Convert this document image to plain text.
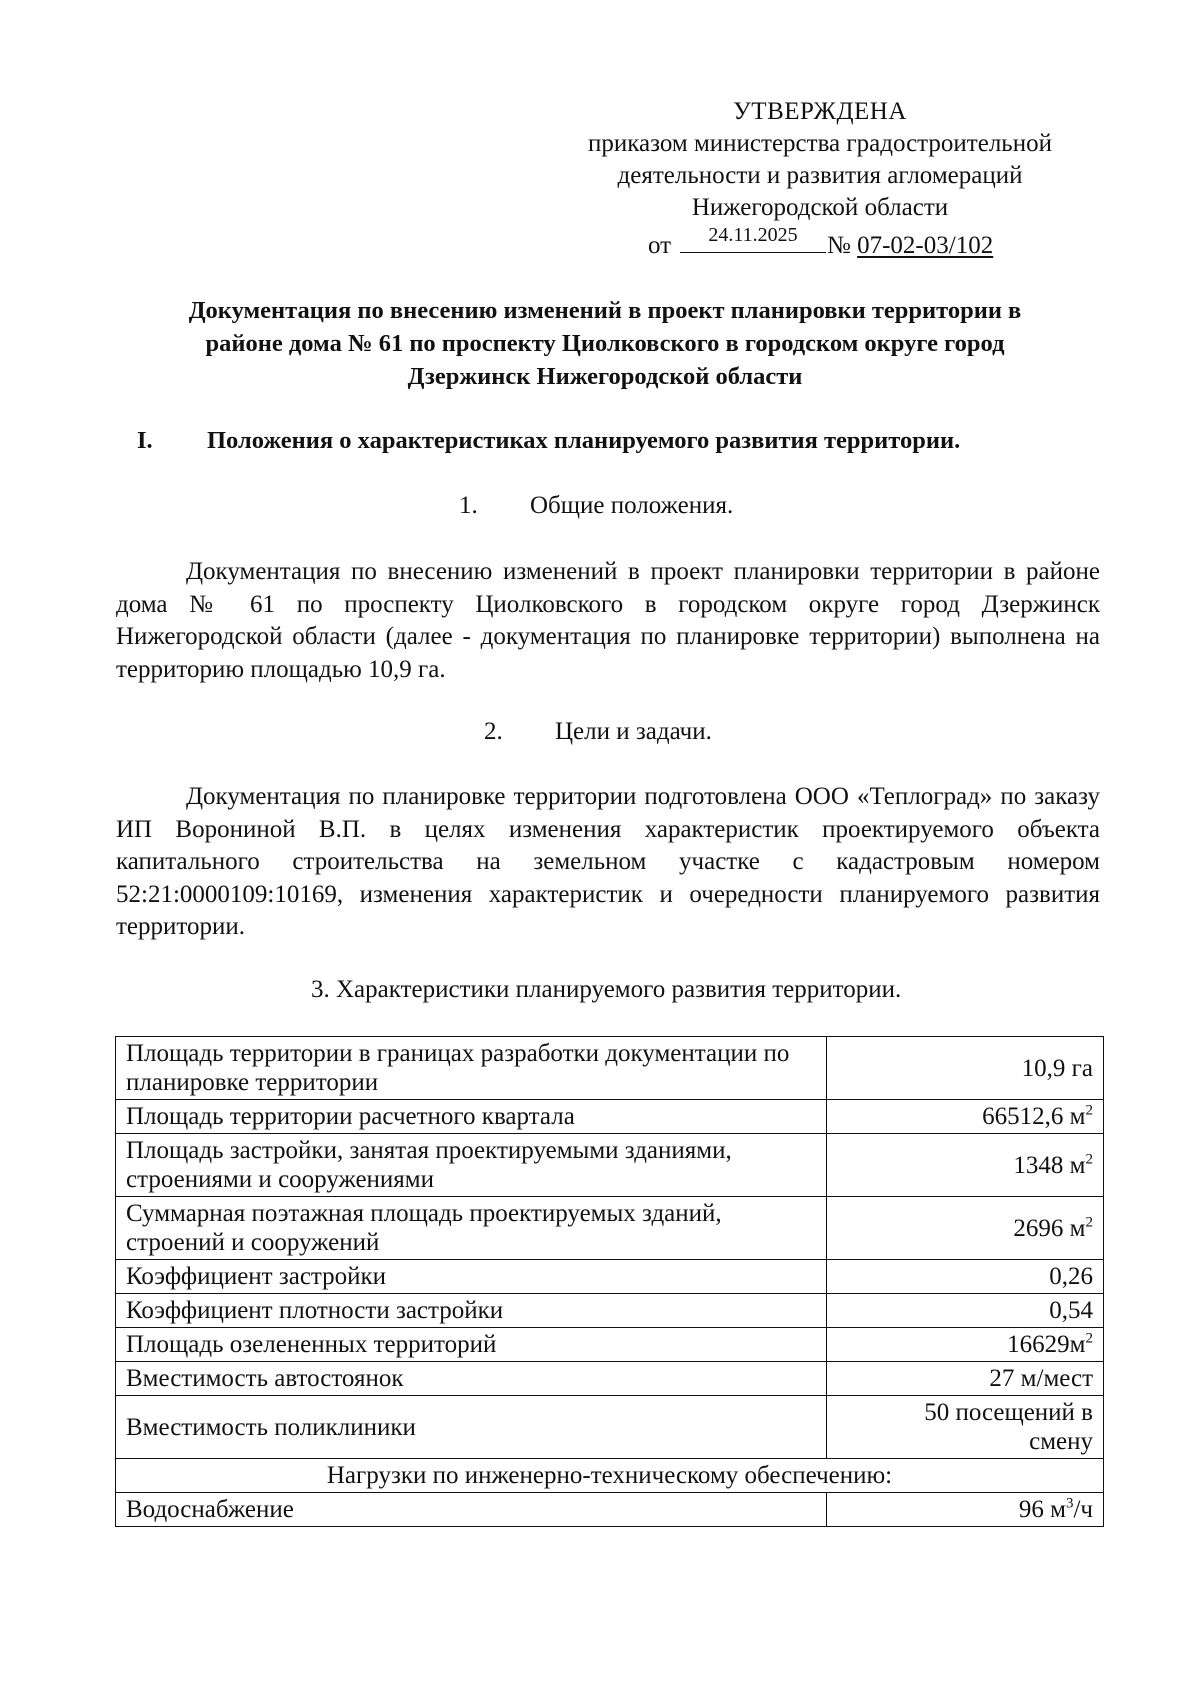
УТВЕРЖДЕНА
приказом министерства градостроительной
деятельности и развития агломераций
Нижегородской области
от	24.11.2025	№ 07-02-03/102
Документация по внесению изменений в проект планировки территории в
районе дома № 61 по проспекту Циолковского в городском округе город
Дзержинск Нижегородской области
I. Положения о характеристиках планируемого развития территории.
1. Общие положения.
Документация по внесению изменений в проект планировки территории в районе дома № 61 по проспекту Циолковского в городском округе город Дзержинск Нижегородской области (далее - документация по планировке территории) выполнена на территорию площадью 10,9 га.
2. Цели и задачи.
Документация по планировке территории подготовлена ООО «Теплоград» по заказу ИП Ворониной В.П. в целях изменения характеристик проектируемого объекта капитального строительства на земельном участке с кадастровым номером 52:21:0000109:10169, изменения характеристик и очередности планируемого развития территории.
3. Характеристики планируемого развития территории.
Площадь территории в границах разработки документации по планировке территории	10,9 га
Площадь территории расчетного квартала	66512,6 $м^2$
Площадь застройки, занятая проектируемыми зданиями, строениями и сооружениями	1348 $м^2$
Суммарная поэтажная площадь проектируемых зданий, строений и сооружений	2696 $м^2$
Коэффициент застройки	0,26
Коэффициент плотности застройки	0,54
Площадь озелененных территорий	$16629м^2$
Вместимость автостоянок	27 м/мест
Вместимость поликлиники	50 посещений в смену
Нагрузки по инженерно-техническому обеспечению:	
Водоснабжение	96 $м^3/ч$
